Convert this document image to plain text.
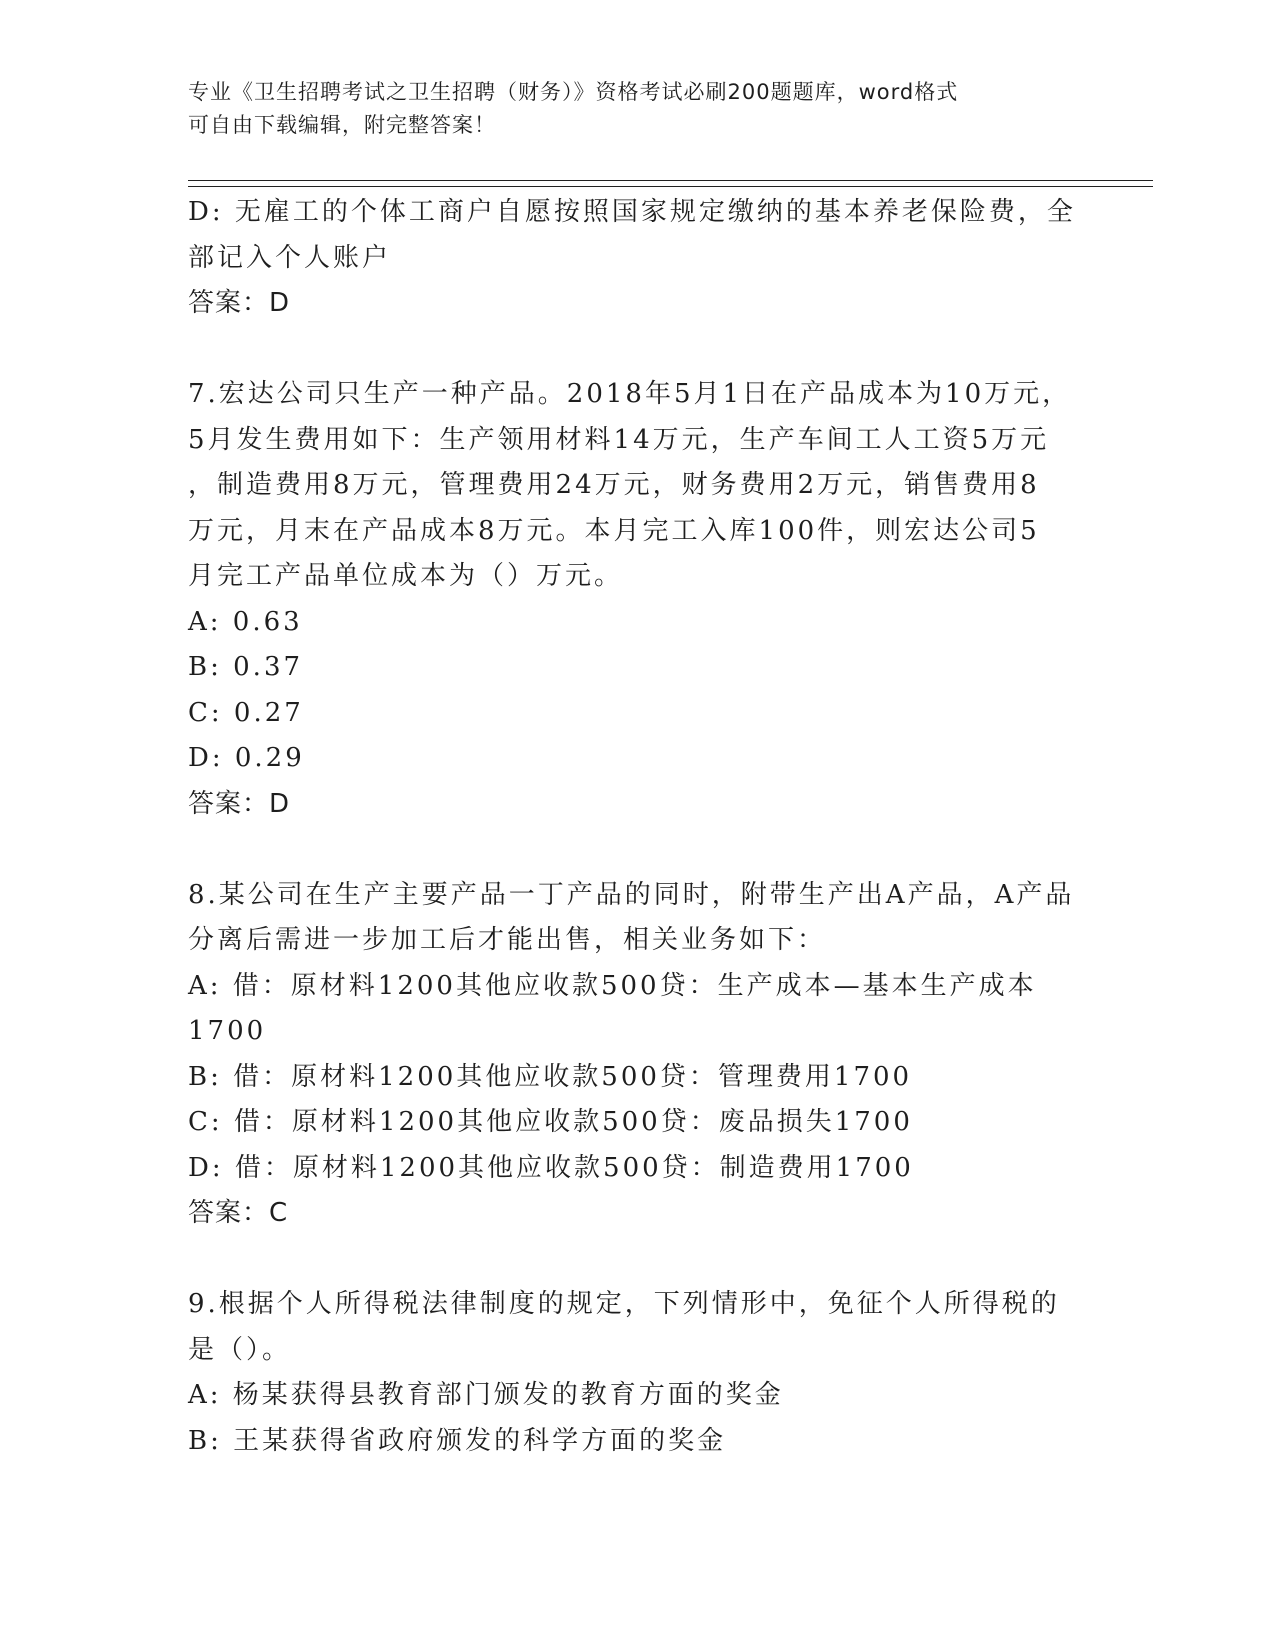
专业《卫生招聘考试之卫生招聘（财务）》资格考试必刷200题题库，word格式
可自由下载编辑，附完整答案！
D: 无雇工的个体工商户自愿按照国家规定缴纳的基本养老保险费，全
部记入个人账户
答案：D
7.宏达公司只生产一种产品。2018年5月1日在产品成本为10万元，
5月发生费用如下：生产领用材料14万元，生产车间工人工资5万元
，制造费用8万元，管理费用24万元，财务费用2万元，销售费用8
万元，月末在产品成本8万元。本月完工入库100件，则宏达公司5
月完工产品单位成本为（）万元。
A: 0.63
B: 0.37
C: 0.27
D: 0.29
答案：D
8.某公司在生产主要产品一丁产品的同时，附带生产出A产品，A产品
分离后需进一步加工后才能出售，相关业务如下：
A: 借：原材料1200其他应收款500贷：生产成本—基本生产成本
1700
B: 借：原材料1200其他应收款500贷：管理费用1700
C: 借：原材料1200其他应收款500贷：废品损失1700
D: 借：原材料1200其他应收款500贷：制造费用1700
答案：C
9.根据个人所得税法律制度的规定，下列情形中，免征个人所得税的
是（）。
A: 杨某获得县教育部门颁发的教育方面的奖金
B: 王某获得省政府颁发的科学方面的奖金
